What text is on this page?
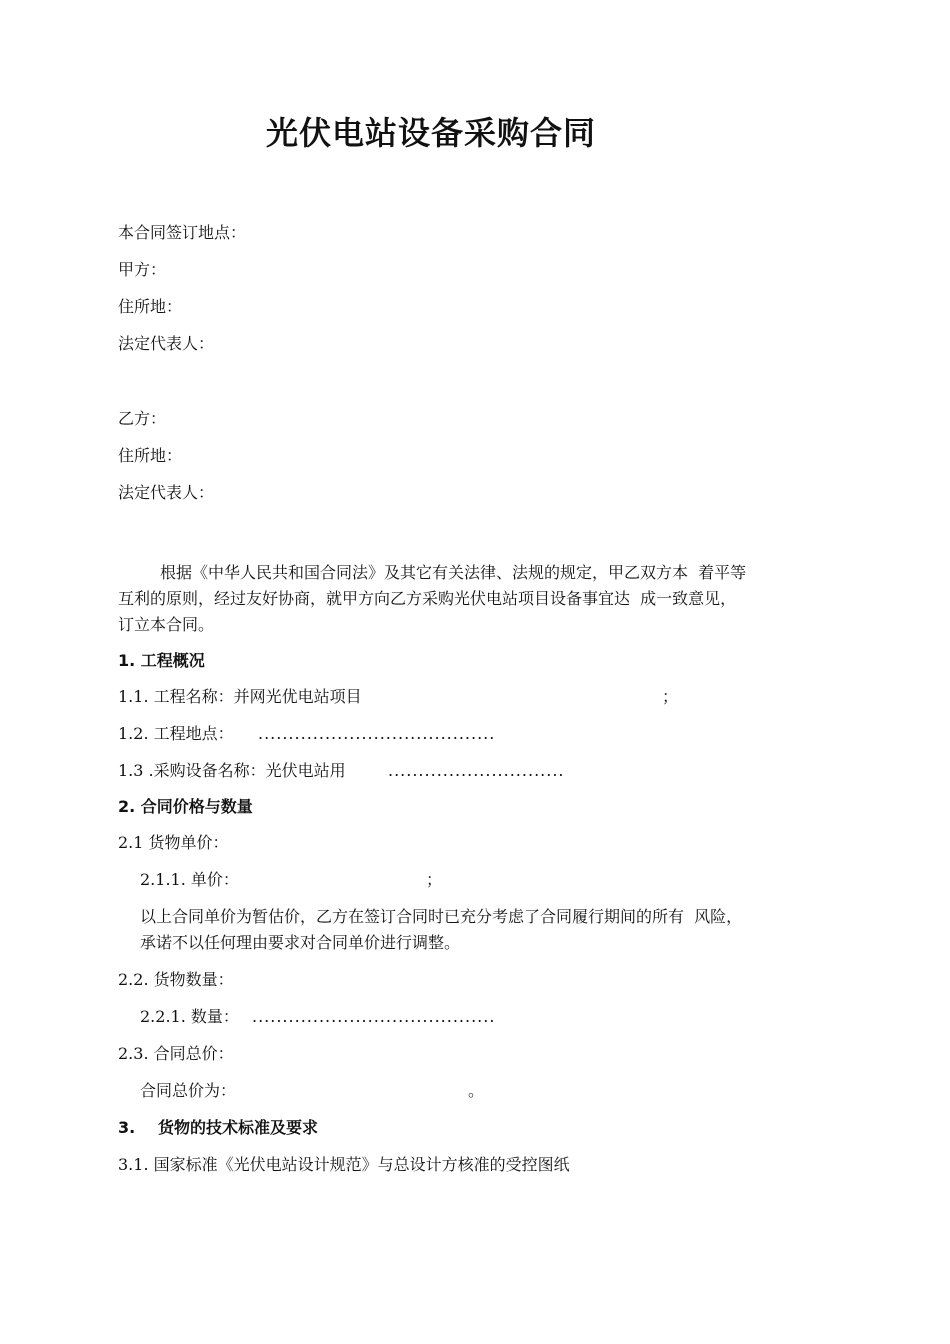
光伏电站设备采购合同
本合同签订地点：
甲方：
住所地：
法定代表人：
乙方：
住所地：
法定代表人：
根据《中华人民共和国合同法》及其它有关法律、法规的规定，甲乙双方本  着平等
互利的原则，经过友好协商，就甲方向乙方采购光伏电站项目设备事宜达  成一致意见，
订立本合同。
1. 工程概况
1.1. 工程名称：并网光优电站项目	；
1.2. 工程地点： .......................................
1.3 .采购设备名称：光伏电站用	.............................
2. 合同价格与数量
2.1 货物单价：
2.1.1. 单价：	；
以上合同单价为暂估价，乙方在签订合同时已充分考虑了合同履行期间的所有  风险，
承诺不以任何理由要求对合同单价进行调整。
2.2. 货物数量：
2.2.1. 数量： ........................................
2.3. 合同总价：
合同总价为：	。
3. 货物的技术标准及要求
3.1. 国家标准《光伏电站设计规范》与总设计方核准的受控图纸
